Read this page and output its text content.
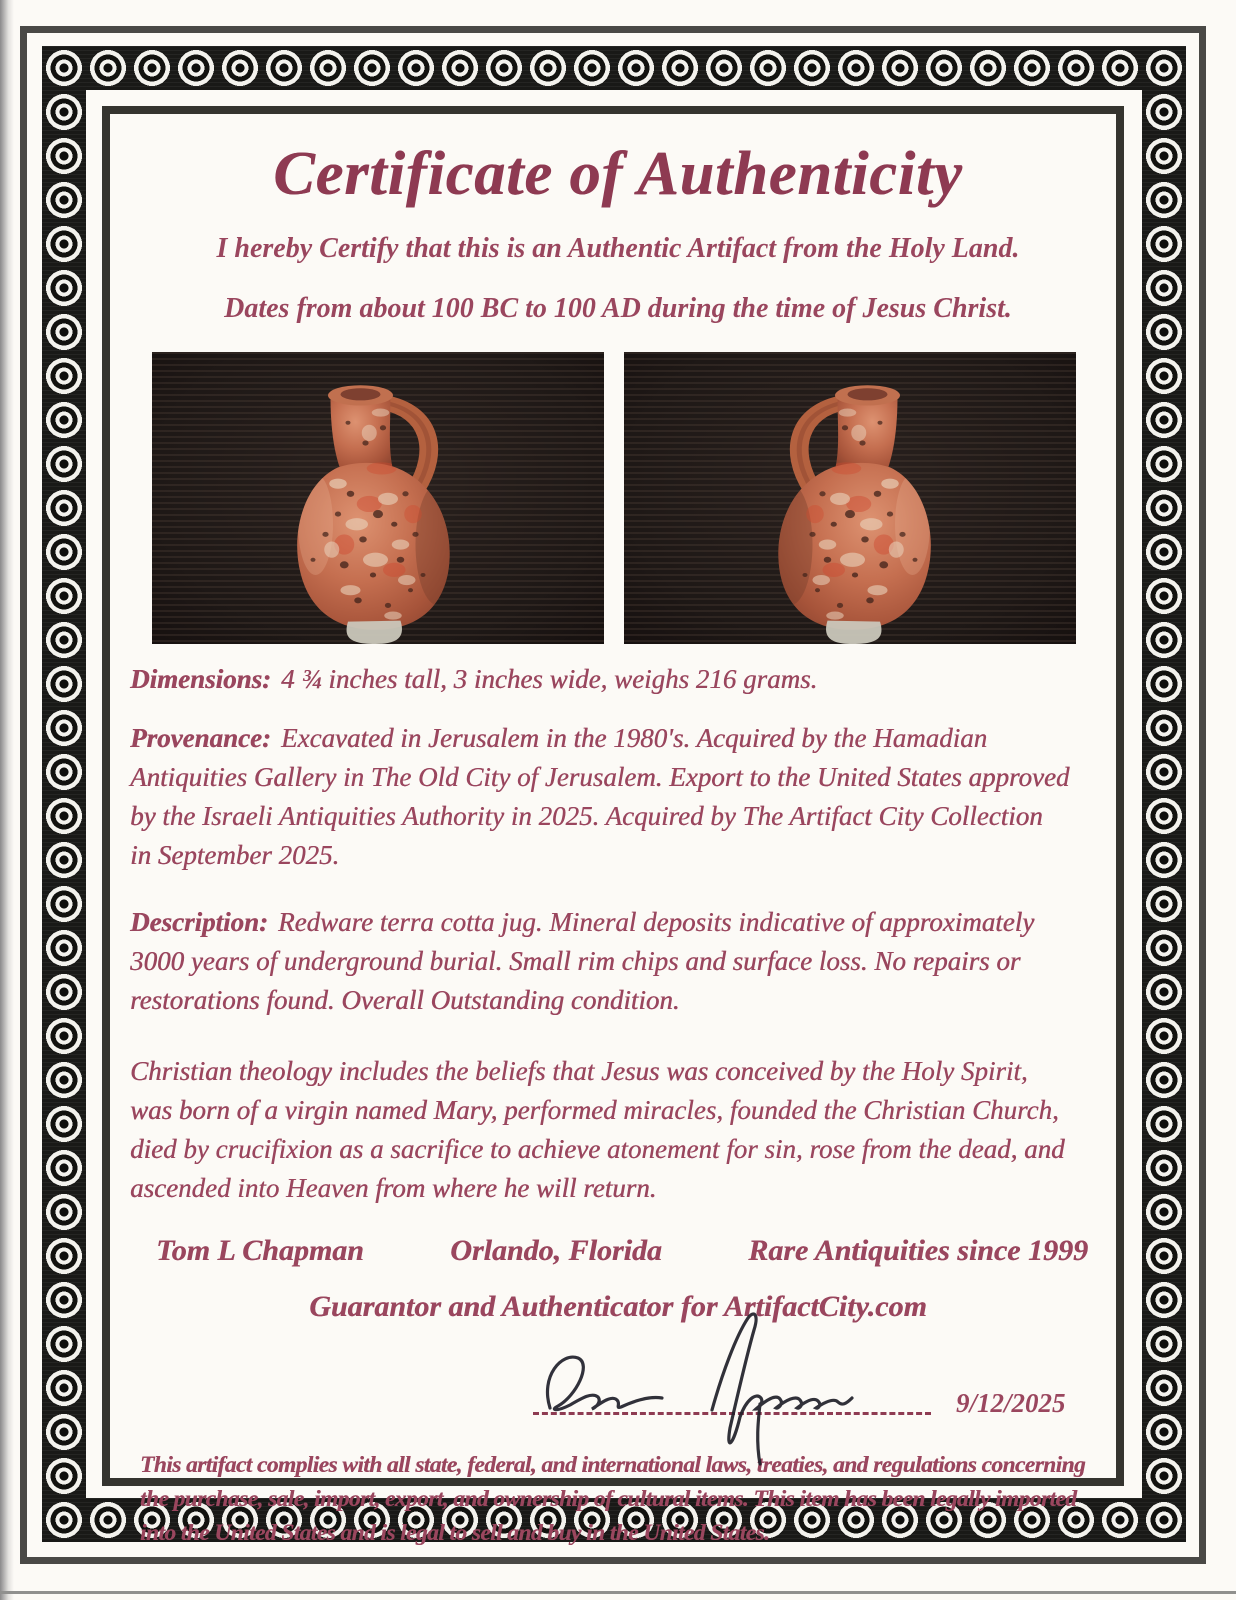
Certificate of Authenticity
I hereby Certify that this is an Authentic Artifact from the Holy Land.
Dates from about 100 BC to 100 AD during the time of Jesus Christ.

Dimensions: 4 ¾ inches tall, 3 inches wide, weighs 216 grams.

Provenance: Excavated in Jerusalem in the 1980's. Acquired by the Hamadian Antiquities Gallery in The Old City of Jerusalem. Export to the United States approved by the Israeli Antiquities Authority in 2025. Acquired by The Artifact City Collection in September 2025.

Description: Redware terra cotta jug. Mineral deposits indicative of approximately 3000 years of underground burial. Small rim chips and surface loss. No repairs or restorations found. Overall Outstanding condition.

Christian theology includes the beliefs that Jesus was conceived by the Holy Spirit, was born of a virgin named Mary, performed miracles, founded the Christian Church, died by crucifixion as a sacrifice to achieve atonement for sin, rose from the dead, and ascended into Heaven from where he will return.

Tom L Chapman	Orlando, Florida	Rare Antiquities since 1999
Guarantor and Authenticator for ArtifactCity.com
9/12/2025

This artifact complies with all state, federal, and international laws, treaties, and regulations concerning the purchase, sale, import, export, and ownership of cultural items. This item has been legally imported into the United States and is legal to sell and buy in the United States.
